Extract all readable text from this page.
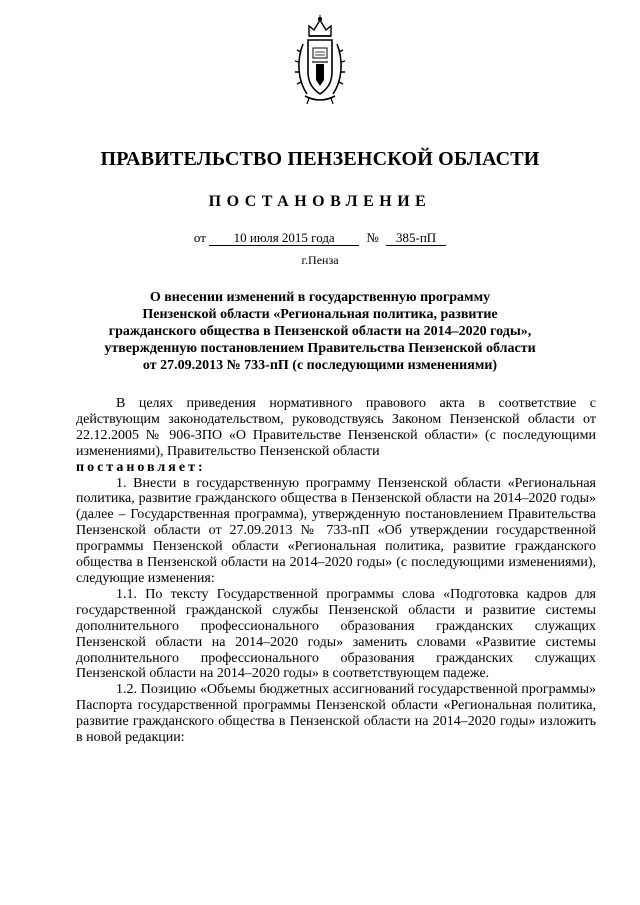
ПРАВИТЕЛЬСТВО ПЕНЗЕНСКОЙ ОБЛАСТИ
ПОСТАНОВЛЕНИЕ
от 10 июля 2015 года № 385-пП
г.Пенза
О внесении изменений в государственную программу
Пензенской области «Региональная политика, развитие
гражданского общества в Пензенской области на 2014–2020 годы»,
утвержденную постановлением Правительства Пензенской области
от 27.09.2013 № 733-пП (с последующими изменениями)

В целях приведения нормативного правового акта в соответствие с действующим законодательством, руководствуясь Законом Пензенской области от 22.12.2005 № 906-ЗПО «О Правительстве Пензенской области» (с последующими изменениями), Правительство Пензенской области

постановляет:

1. Внести в государственную программу Пензенской области «Региональная политика, развитие гражданского общества в Пензенской области на 2014–2020 годы» (далее – Государственная программа), утвержденную постановлением Правительства Пензенской области от 27.09.2013 № 733-пП «Об утверждении государственной программы Пензенской области «Региональная политика, развитие гражданского общества в Пензенской области на 2014–2020 годы» (с последующими изменениями), следующие изменения:

1.1. По тексту Государственной программы слова «Подготовка кадров для государственной гражданской службы Пензенской области и развитие системы дополнительного профессионального образования гражданских служащих Пензенской области на 2014–2020 годы» заменить словами «Развитие системы дополнительного профессионального образования гражданских служащих Пензенской области на 2014–2020 годы» в соответствующем падеже.

1.2. Позицию «Объемы бюджетных ассигнований государственной программы» Паспорта государственной программы Пензенской области «Региональная политика, развитие гражданского общества в Пензенской области на 2014–2020 годы» изложить в новой редакции:
